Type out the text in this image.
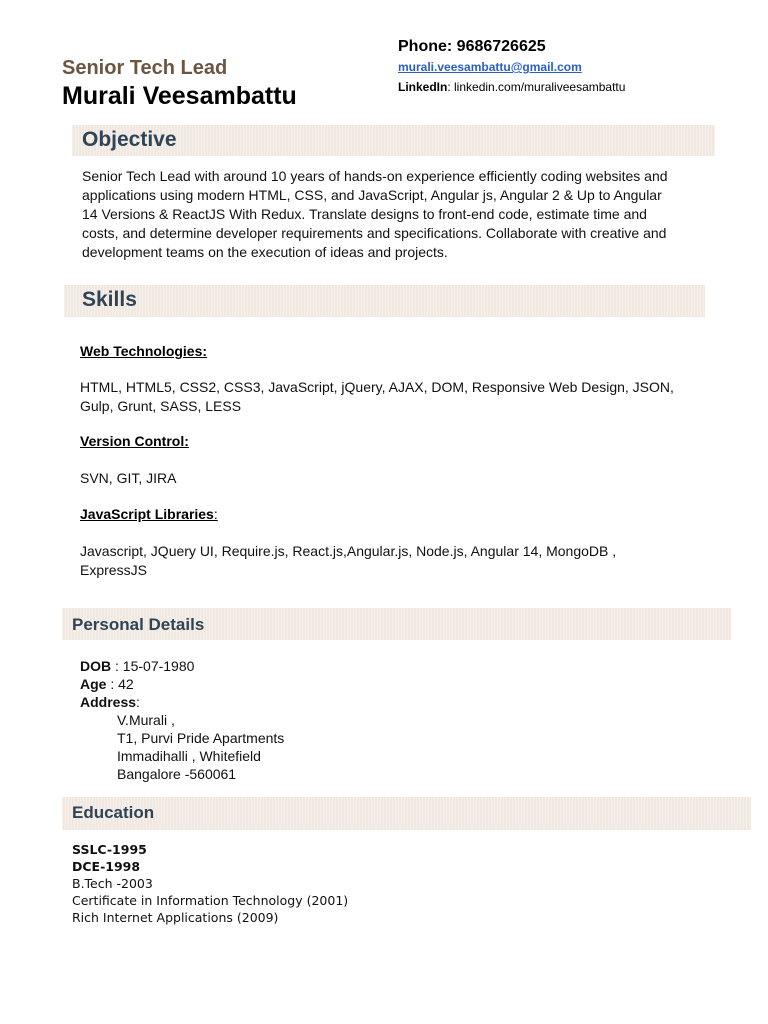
Senior Tech Lead
Murali Veesambattu
Phone: 9686726625
murali.veesambattu@gmail.com
LinkedIn: linkedin.com/muraliveesambattu
Objective
Senior Tech Lead with around 10 years of hands-on experience efficiently coding websites and
applications using modern HTML, CSS, and JavaScript, Angular js, Angular 2 & Up to Angular
14 Versions & ReactJS With Redux. Translate designs to front-end code, estimate time and
costs, and determine developer requirements and specifications. Collaborate with creative and
development teams on the execution of ideas and projects.
Skills
Web Technologies:
HTML, HTML5, CSS2, CSS3, JavaScript, jQuery, AJAX, DOM, Responsive Web Design, JSON,
Gulp, Grunt, SASS, LESS
Version Control:
SVN, GIT, JIRA
JavaScript Libraries:
Javascript, JQuery UI, Require.js, React.js,Angular.js, Node.js, Angular 14, MongoDB ,
ExpressJS
Personal Details
DOB : 15-07-1980
Age : 42
Address:
V.Murali ,
T1, Purvi Pride Apartments
Immadihalli , Whitefield
Bangalore -560061
Education
SSLC-1995
DCE-1998
B.Tech -2003
Certificate in Information Technology (2001)
Rich Internet Applications (2009)
